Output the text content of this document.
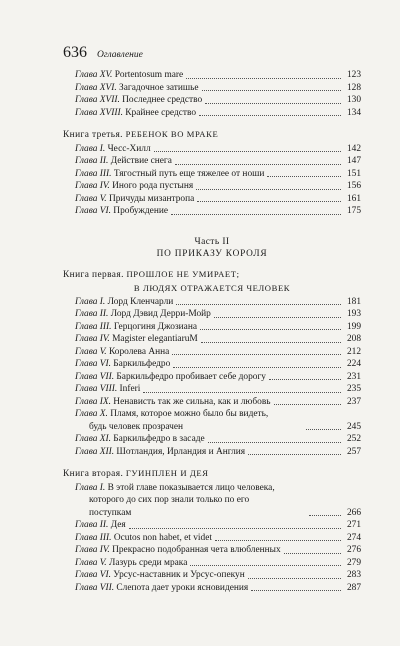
636 Оглавление
Глава XV. Portentosum mare	123
Глава XVI. Загадочное затишье	128
Глава XVII. Последнее средство	130
Глава XVIII. Крайнее средство	134
Книга третья. РЕБЕНОК ВО МРАКЕ
Глава I. Чесс-Хилл	142
Глава II. Действие снега	147
Глава III. Тягостный путь еще тяжелее от ноши	151
Глава IV. Иного рода пустыня	156
Глава V. Причуды мизантропа	161
Глава VI. Пробуждение	175
Часть II
ПО ПРИКАЗУ КОРОЛЯ
Книга первая. ПРОШЛОЕ НЕ УМИРАЕТ;
В ЛЮДЯХ ОТРАЖАЕТСЯ ЧЕЛОВЕК
Глава I. Лорд Кленчарли	181
Глава II. Лорд Дэвид Дерри-Мойр	193
Глава III. Герцогиня Джозиана	199
Глава IV. Magister elegantiaruM	208
Глава V. Королева Анна	212
Глава VI. Баркильфедро	224
Глава VII. Баркильфедро пробивает себе дорогу	231
Глава VIII. Inferi	235
Глава IX. Ненависть так же сильна, как и любовь	237
Глава X. Пламя, которое можно было бы видеть,
будь человек прозрачен	245
Глава XI. Баркильфедро в засаде	252
Глава XII. Шотландия, Ирландия и Англия	257
Книга вторая. ГУИНПЛЕН И ДЕЯ
Глава I. В этой главе показывается лицо человека,
которого до сих пор знали только по его
поступкам	266
Глава II. Дея	271
Глава III. Ocutos non habet, et videt	274
Глава IV. Прекрасно подобранная чета влюбленных	276
Глава V. Лазурь среди мрака	279
Глава VI. Урсус-наставник и Урсус-опекун	283
Глава VII. Слепота дает уроки ясновидения	287
